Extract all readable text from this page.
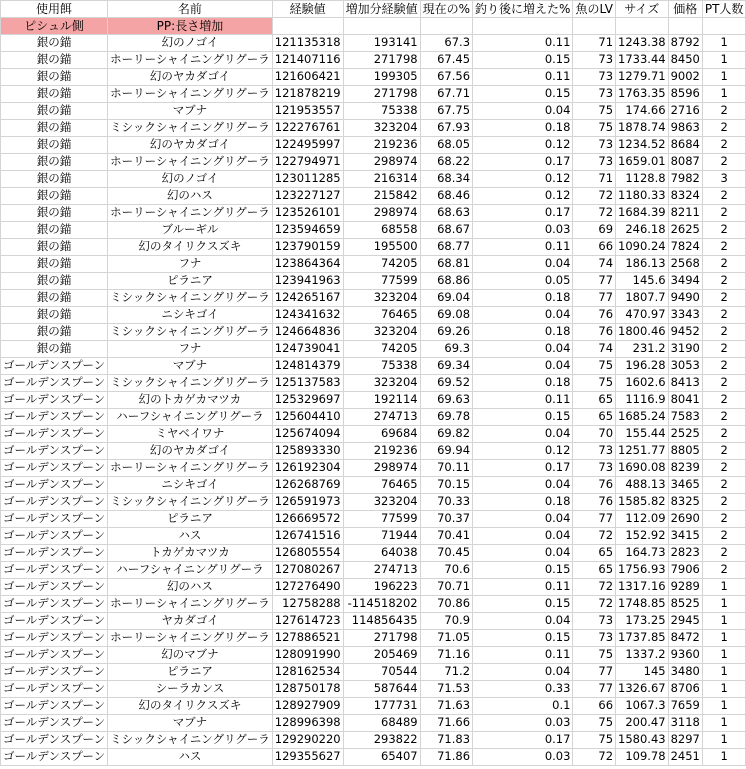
使用餌	名前	経験値	増加分経験値	現在の%	釣り後に増えた%	魚のLV	サイズ	価格	PT人数
ピシュル側	PP:長さ増加								
銀の錨	幻のノゴイ	121135318	193141	67.3	0.11	71	1243.38	8792	1
銀の錨	ホーリーシャイニングリグーラ	121407116	271798	67.45	0.15	73	1733.44	8450	1
銀の錨	幻のヤカダゴイ	121606421	199305	67.56	0.11	73	1279.71	9002	1
銀の錨	ホーリーシャイニングリグーラ	121878219	271798	67.71	0.15	73	1763.35	8596	1
銀の錨	マブナ	121953557	75338	67.75	0.04	75	174.66	2716	2
銀の錨	ミシックシャイニングリグーラ	122276761	323204	67.93	0.18	75	1878.74	9863	2
銀の錨	幻のヤカダゴイ	122495997	219236	68.05	0.12	73	1234.52	8684	2
銀の錨	ホーリーシャイニングリグーラ	122794971	298974	68.22	0.17	73	1659.01	8087	2
銀の錨	幻のノゴイ	123011285	216314	68.34	0.12	71	1128.8	7982	3
銀の錨	幻のハス	123227127	215842	68.46	0.12	72	1180.33	8324	2
銀の錨	ホーリーシャイニングリグーラ	123526101	298974	68.63	0.17	72	1684.39	8211	2
銀の錨	ブルーギル	123594659	68558	68.67	0.03	69	246.18	2625	2
銀の錨	幻のタイリクスズキ	123790159	195500	68.77	0.11	66	1090.24	7824	2
銀の錨	フナ	123864364	74205	68.81	0.04	74	186.13	2568	2
銀の錨	ピラニア	123941963	77599	68.86	0.05	77	145.6	3494	2
銀の錨	ミシックシャイニングリグーラ	124265167	323204	69.04	0.18	77	1807.7	9490	2
銀の錨	ニシキゴイ	124341632	76465	69.08	0.04	76	470.97	3343	2
銀の錨	ミシックシャイニングリグーラ	124664836	323204	69.26	0.18	76	1800.46	9452	2
銀の錨	フナ	124739041	74205	69.3	0.04	74	231.2	3190	2
ゴールデンスプーン	マブナ	124814379	75338	69.34	0.04	75	196.28	3053	2
ゴールデンスプーン	ミシックシャイニングリグーラ	125137583	323204	69.52	0.18	75	1602.6	8413	2
ゴールデンスプーン	幻のトカゲカマツカ	125329697	192114	69.63	0.11	65	1116.9	8041	2
ゴールデンスプーン	ハーフシャイニングリグーラ	125604410	274713	69.78	0.15	65	1685.24	7583	2
ゴールデンスプーン	ミヤベイワナ	125674094	69684	69.82	0.04	70	155.44	2525	2
ゴールデンスプーン	幻のヤカダゴイ	125893330	219236	69.94	0.12	73	1251.77	8805	2
ゴールデンスプーン	ホーリーシャイニングリグーラ	126192304	298974	70.11	0.17	73	1690.08	8239	2
ゴールデンスプーン	ニシキゴイ	126268769	76465	70.15	0.04	76	488.13	3465	2
ゴールデンスプーン	ミシックシャイニングリグーラ	126591973	323204	70.33	0.18	76	1585.82	8325	2
ゴールデンスプーン	ピラニア	126669572	77599	70.37	0.04	77	112.09	2690	2
ゴールデンスプーン	ハス	126741516	71944	70.41	0.04	72	152.92	3415	2
ゴールデンスプーン	トカゲカマツカ	126805554	64038	70.45	0.04	65	164.73	2823	2
ゴールデンスプーン	ハーフシャイニングリグーラ	127080267	274713	70.6	0.15	65	1756.93	7906	2
ゴールデンスプーン	幻のハス	127276490	196223	70.71	0.11	72	1317.16	9289	1
ゴールデンスプーン	ホーリーシャイニングリグーラ	12758288	-114518202	70.86	0.15	72	1748.85	8525	1
ゴールデンスプーン	ヤカダゴイ	127614723	114856435	70.9	0.04	73	173.25	2945	1
ゴールデンスプーン	ホーリーシャイニングリグーラ	127886521	271798	71.05	0.15	73	1737.85	8472	1
ゴールデンスプーン	幻のマブナ	128091990	205469	71.16	0.11	75	1337.2	9360	1
ゴールデンスプーン	ピラニア	128162534	70544	71.2	0.04	77	145	3480	1
ゴールデンスプーン	シーラカンス	128750178	587644	71.53	0.33	77	1326.67	8706	1
ゴールデンスプーン	幻のタイリクスズキ	128927909	177731	71.63	0.1	66	1067.3	7659	1
ゴールデンスプーン	マブナ	128996398	68489	71.66	0.03	75	200.47	3118	1
ゴールデンスプーン	ミシックシャイニングリグーラ	129290220	293822	71.83	0.17	75	1580.43	8297	1
ゴールデンスプーン	ハス	129355627	65407	71.86	0.03	72	109.78	2451	1
